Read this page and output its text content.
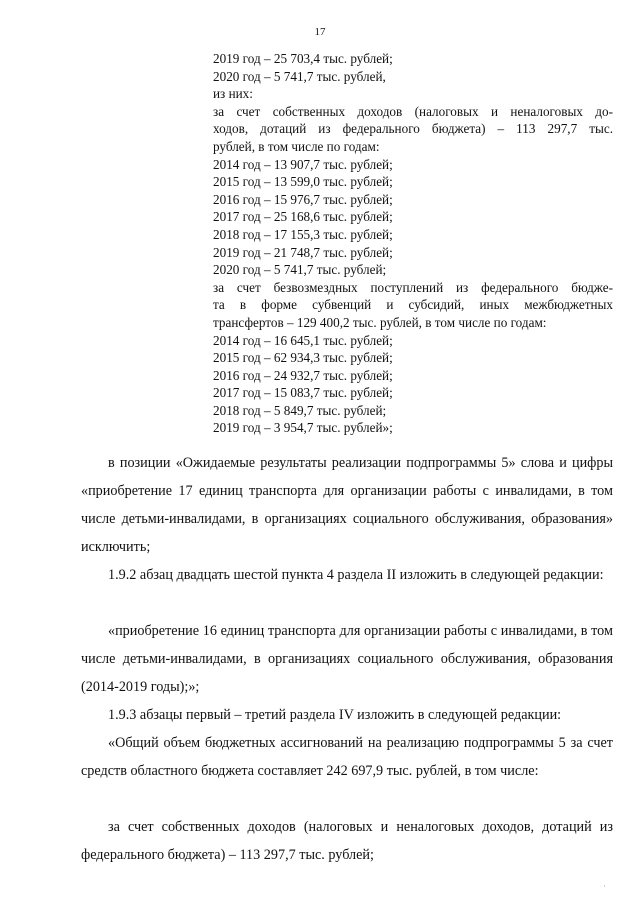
17
2019 год – 25 703,4 тыс. рублей;
2020 год – 5 741,7 тыс. рублей,
из них:
за счет собственных доходов (налоговых и неналоговых до-
ходов, дотаций из федерального бюджета) – 113 297,7 тыс.
рублей, в том числе по годам:
2014 год – 13 907,7 тыс. рублей;
2015 год – 13 599,0 тыс. рублей;
2016 год – 15 976,7 тыс. рублей;
2017 год – 25 168,6 тыс. рублей;
2018 год – 17 155,3 тыс. рублей;
2019 год – 21 748,7 тыс. рублей;
2020 год – 5 741,7 тыс. рублей;
за счет безвозмездных поступлений из федерального бюдже-
та в форме субвенций и субсидий, иных межбюджетных
трансфертов – 129 400,2 тыс. рублей, в том числе по годам:
2014 год – 16 645,1 тыс. рублей;
2015 год – 62 934,3 тыс. рублей;
2016 год – 24 932,7 тыс. рублей;
2017 год – 15 083,7 тыс. рублей;
2018 год – 5 849,7 тыс. рублей;
2019 год – 3 954,7 тыс. рублей»;
в позиции «Ожидаемые результаты реализации подпрограммы 5» слова и цифры «приобретение 17 единиц транспорта для организации работы с инвалидами, в том числе детьми-инвалидами, в организациях социального обслуживания, образования» исключить;
1.9.2 абзац двадцать шестой пункта 4 раздела II изложить в следующей редакции:
«приобретение 16 единиц транспорта для организации работы с инвалидами, в том числе детьми-инвалидами, в организациях социального обслуживания, образования (2014-2019 годы);»;
1.9.3 абзацы первый – третий раздела IV изложить в следующей редакции:
«Общий объем бюджетных ассигнований на реализацию подпрограммы 5 за счет средств областного бюджета составляет 242 697,9 тыс. рублей, в том числе:
за счет собственных доходов (налоговых и неналоговых доходов, дотаций из федерального бюджета) – 113 297,7 тыс. рублей;
·
